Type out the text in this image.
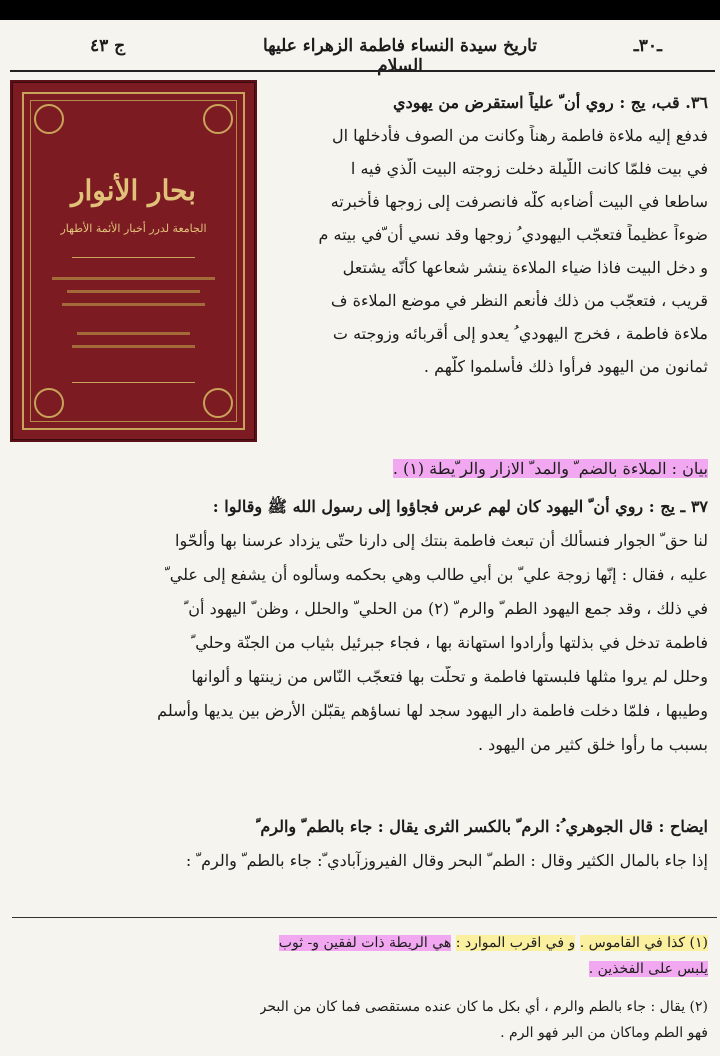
ج ٤٣	تاريخ سيدة النساء فاطمة الزهراء عليها السلام
ـ٣٠ـ
٣٦. قب، يج : روي أن ّ علياً استقرض من يهودي
فدفع إليه ملاءة فاطمة رهناً وكانت من الصوف فأدخلها ال
في بيت فلمّا كانت اللّيلة دخلت زوجته البيت الّذي فيه ا
ساطعا في البيت أضاءبه كلّه فانصرفت إلى زوجها فأخبرته
ضوءاً عظيماً فتعجّب اليهودي ُ زوجها وقد نسي أن ّفي بيته م
و دخل البيت فاذا ضياء الملاءة ينشر شعاعها كأنّه يشتعل
قريب ، فتعجّب من ذلك فأنعم النظر في موضع الملاءة ف
ملاءة فاطمة ، فخرج اليهودي ُ يعدو إلى أقربائه وزوجته ت
ثمانون من اليهود فرأوا ذلك فأسلموا كلّهم .
بحار الأنوار
الجامعة لدرر أخبار الأئمة الأطهار
بيان : الملاءة بالضم ّ والمد ّ الازار والر ّيطة (١) .
٣٧ ـ يج : روي أن ّ اليهود كان لهم عرس فجاؤوا إلى رسول الله ﷺ وقالوا :
لنا حق ّ الجوار فنسألك أن تبعث فاطمة بنتك إلى دارنا حتّى يزداد عرسنا بها وألحّوا
عليه ، فقال : إنّها زوجة علي ّ بن أبي طالب وهي بحكمه وسألوه أن يشفع إلى علي ّ
في ذلك ، وقد جمع اليهود الطم ّ والرم ّ (٢) من الحلي ّ والحلل ، وظن ّ اليهود أن ّ
فاطمة تدخل في بذلتها وأرادوا استهانة بها ، فجاء جبرئيل بثياب من الجنّة وحلي ّ
وحلل لم يروا مثلها فلبستها فاطمة و تحلّت بها فتعجّب النّاس من زينتها و ألوانها
وطيبها ، فلمّا دخلت فاطمة دار اليهود سجد لها نساؤهم يقبّلن الأرض بين يديها وأسلم
بسبب ما رأوا خلق كثير من اليهود .
ايضاح : قال الجوهري ُ: الرم ّ بالكسر الثرى يقال : جاء بالطم ّ والرم ّ
إذا جاء بالمال الكثير وقال : الطم ّ البحر وقال الفيروزآبادي ّ: جاء بالطم ّ والرم ّ :
(١) كذا في القاموس . و في اقرب الموارد : هي الريطة ذات لفقين و- ثوب
يلبس على الفخذين .
(٢) يقال : جاء بالطم والرم ، أي بكل ما كان عنده مستقصى فما كان من البحر
فهو الطم وماكان من البر فهو الرم .
